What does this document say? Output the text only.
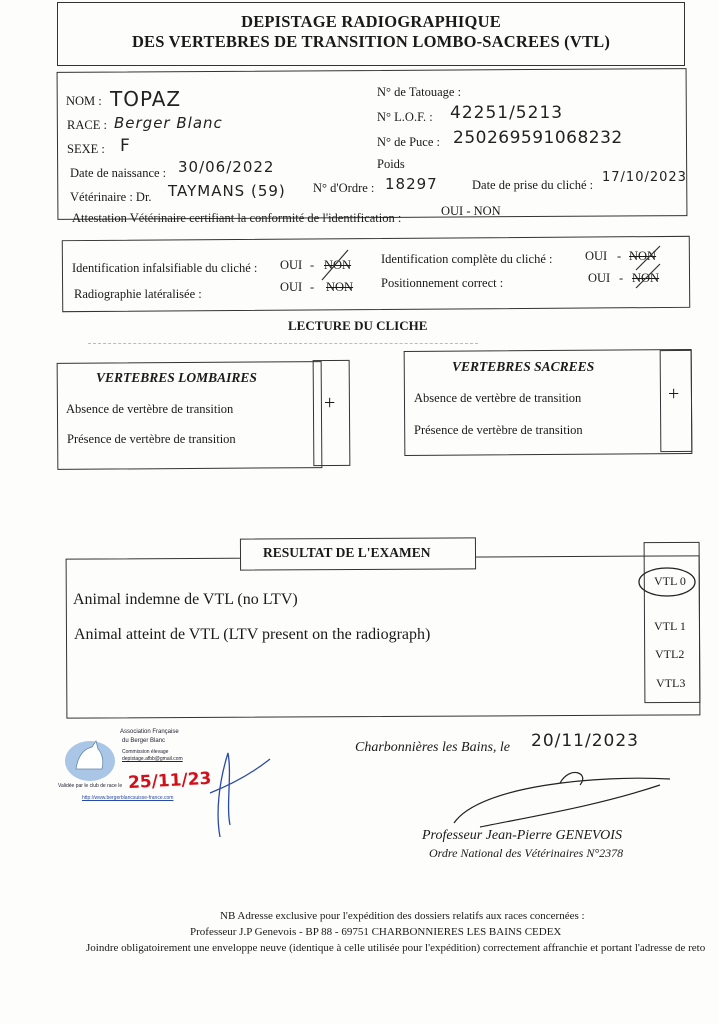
DEPISTAGE RADIOGRAPHIQUE
DES VERTEBRES DE TRANSITION LOMBO-SACREES (VTL)
NOM : TOPAZ
RACE : Berger Blanc
SEXE : F
Date de naissance : 30/06/2022
Vétérinaire : Dr. TAYMANS (59) N° d'Ordre : 18297	Date de prise du cliché : 17/10/2023
Attestation Vétérinaire certifiant la conformité de l'identification :	OUI - NON
N° de Tatouage :
N° L.O.F. : 42251/5213
N° de Puce : 250269591068232
Poids
Identification infalsifiable du cliché : OUI - NON
Radiographie latéralisée :	OUI - NON
Identification complète du cliché :	OUI - NON
Positionnement correct :	OUI - NON
LECTURE DU CLICHE
VERTEBRES LOMBAIRES
Absence de vertèbre de transition
Présence de vertèbre de transition
+
VERTEBRES SACREES
Absence de vertèbre de transition
Présence de vertèbre de transition
+
RESULTAT DE L'EXAMEN
Animal indemne de VTL (no LTV)
Animal atteint de VTL (LTV present on the radiograph)
VTL 0
VTL 1
VTL2
VTL3
Association Française
du Berger Blanc
Commission élevage
depistage.afbb@gmail.com
Validée par le club de race le 25/11/23
http://www.bergerblancsuisse-france.com
Charbonnières les Bains, le 20/11/2023
Professeur Jean-Pierre GENEVOIS
Ordre National des Vétérinaires N°2378
NB Adresse exclusive pour l'expédition des dossiers relatifs aux races concernées :
Professeur J.P Genevois - BP 88 - 69751 CHARBONNIERES LES BAINS CEDEX
Joindre obligatoirement une enveloppe neuve (identique à celle utilisée pour l'expédition) correctement affranchie et portant l'adresse de reto
